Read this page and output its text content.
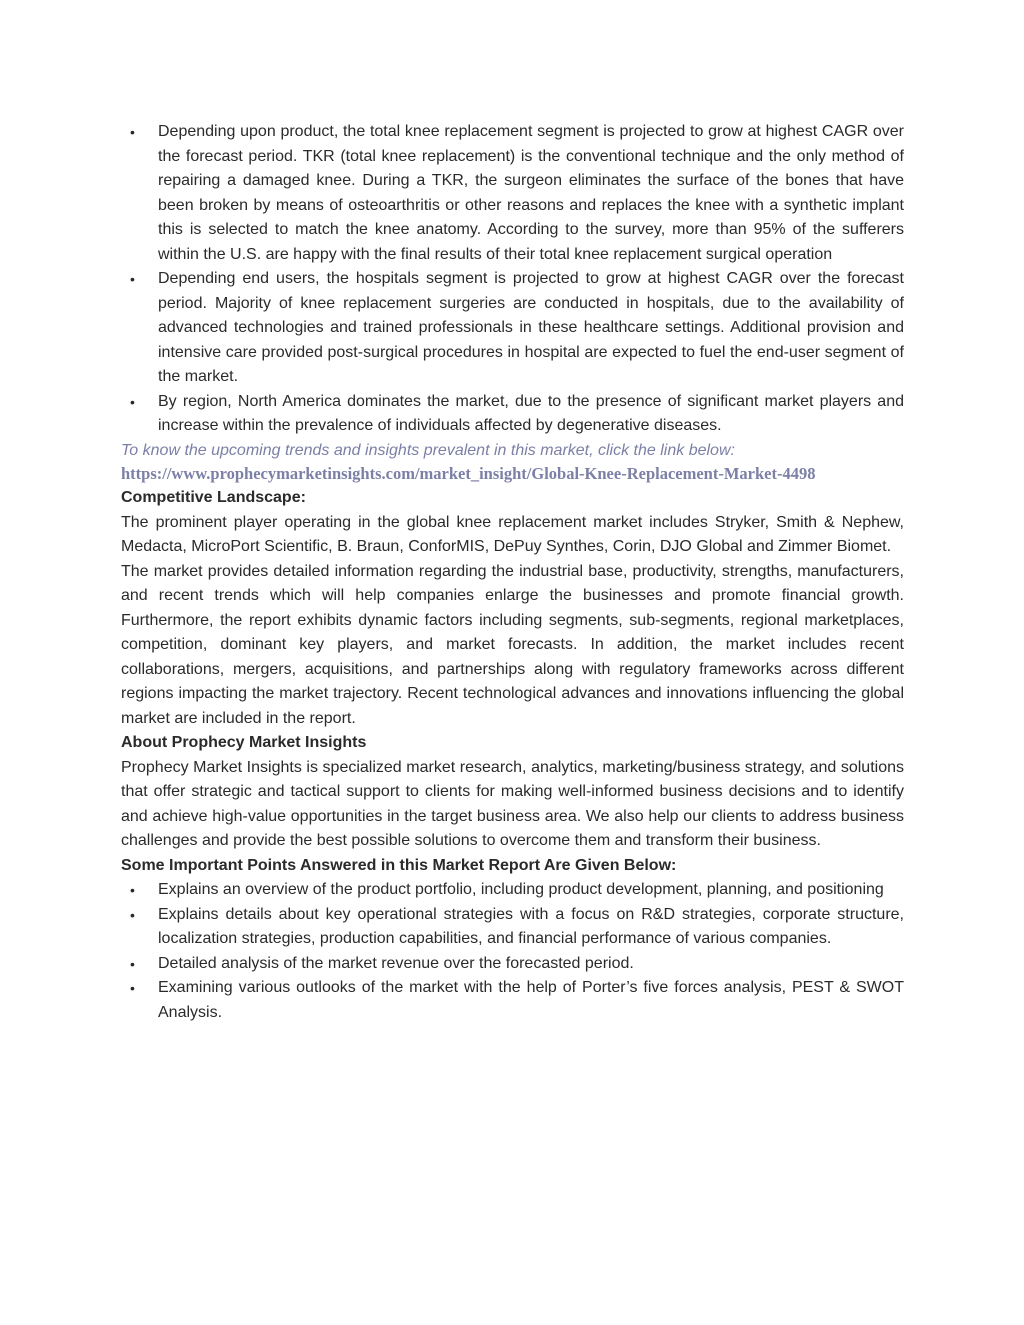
• Depending upon product, the total knee replacement segment is projected to grow at highest CAGR over the forecast period. TKR (total knee replacement) is the conventional technique and the only method of repairing a damaged knee. During a TKR, the surgeon eliminates the surface of the bones that have been broken by means of osteoarthritis or other reasons and replaces the knee with a synthetic implant this is selected to match the knee anatomy. According to the survey, more than 95% of the sufferers within the U.S. are happy with the final results of their total knee replacement surgical operation
• Depending end users, the hospitals segment is projected to grow at highest CAGR over the forecast period. Majority of knee replacement surgeries are conducted in hospitals, due to the availability of advanced technologies and trained professionals in these healthcare settings. Additional provision and intensive care provided post-surgical procedures in hospital are expected to fuel the end-user segment of the market.
• By region, North America dominates the market, due to the presence of significant market players and increase within the prevalence of individuals affected by degenerative diseases.

To know the upcoming trends and insights prevalent in this market, click the link below:

https://www.prophecymarketinsights.com/market_insight/Global-Knee-Replacement-Market-4498

Competitive Landscape:

The prominent player operating in the global knee replacement market includes Stryker, Smith & Nephew, Medacta, MicroPort Scientific, B. Braun, ConforMIS, DePuy Synthes, Corin, DJO Global and Zimmer Biomet.

The market provides detailed information regarding the industrial base, productivity, strengths, manufacturers, and recent trends which will help companies enlarge the businesses and promote financial growth. Furthermore, the report exhibits dynamic factors including segments, sub-segments, regional marketplaces, competition, dominant key players, and market forecasts. In addition, the market includes recent collaborations, mergers, acquisitions, and partnerships along with regulatory frameworks across different regions impacting the market trajectory. Recent technological advances and innovations influencing the global market are included in the report.

About Prophecy Market Insights

Prophecy Market Insights is specialized market research, analytics, marketing/business strategy, and solutions that offer strategic and tactical support to clients for making well-informed business decisions and to identify and achieve high-value opportunities in the target business area. We also help our clients to address business challenges and provide the best possible solutions to overcome them and transform their business.

Some Important Points Answered in this Market Report Are Given Below:

• Explains an overview of the product portfolio, including product development, planning, and positioning
• Explains details about key operational strategies with a focus on R&D strategies, corporate structure, localization strategies, production capabilities, and financial performance of various companies.
• Detailed analysis of the market revenue over the forecasted period.
• Examining various outlooks of the market with the help of Porter’s five forces analysis, PEST & SWOT Analysis.
